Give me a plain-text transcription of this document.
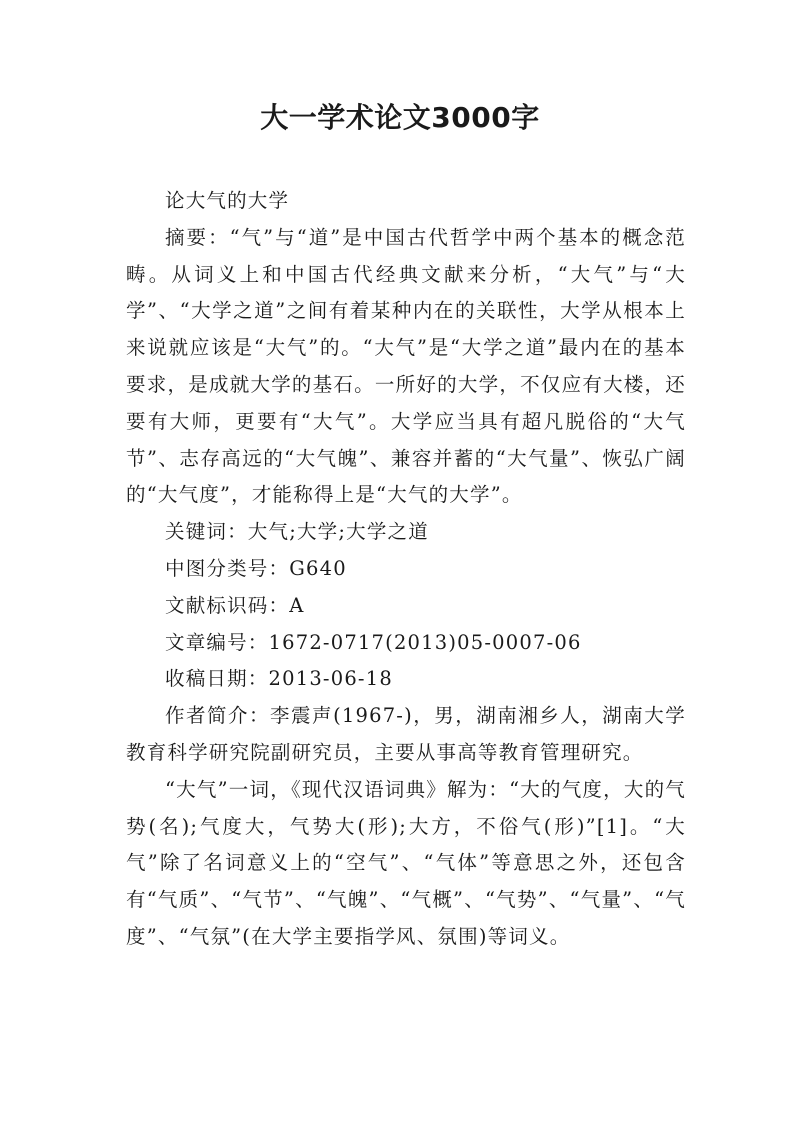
大一学术论文3000字

论大气的大学

摘要：“气”与“道”是中国古代哲学中两个基本的概念范畴。从词义上和中国古代经典文献来分析，“大气”与“大学”、“大学之道”之间有着某种内在的关联性，大学从根本上来说就应该是“大气”的。“大气”是“大学之道”最内在的基本要求，是成就大学的基石。一所好的大学，不仅应有大楼，还要有大师，更要有“大气”。大学应当具有超凡脱俗的“大气节”、志存高远的“大气魄”、兼容并蓄的“大气量”、恢弘广阔的“大气度”，才能称得上是“大气的大学”。

关键词：大气;大学;大学之道

中图分类号：G640

文献标识码：A

文章编号：1672-0717(2013)05-0007-06

收稿日期：2013-06-18

作者简介：李震声(1967-)，男，湖南湘乡人，湖南大学教育科学研究院副研究员，主要从事高等教育管理研究。

“大气”一词，《现代汉语词典》解为：“大的气度，大的气势(名);气度大，气势大(形);大方，不俗气(形)”[1]。“大气”除了名词意义上的“空气”、“气体”等意思之外，还包含有“气质”、“气节”、“气魄”、“气概”、“气势”、“气量”、“气度”、“气氛”(在大学主要指学风、氛围)等词义。
